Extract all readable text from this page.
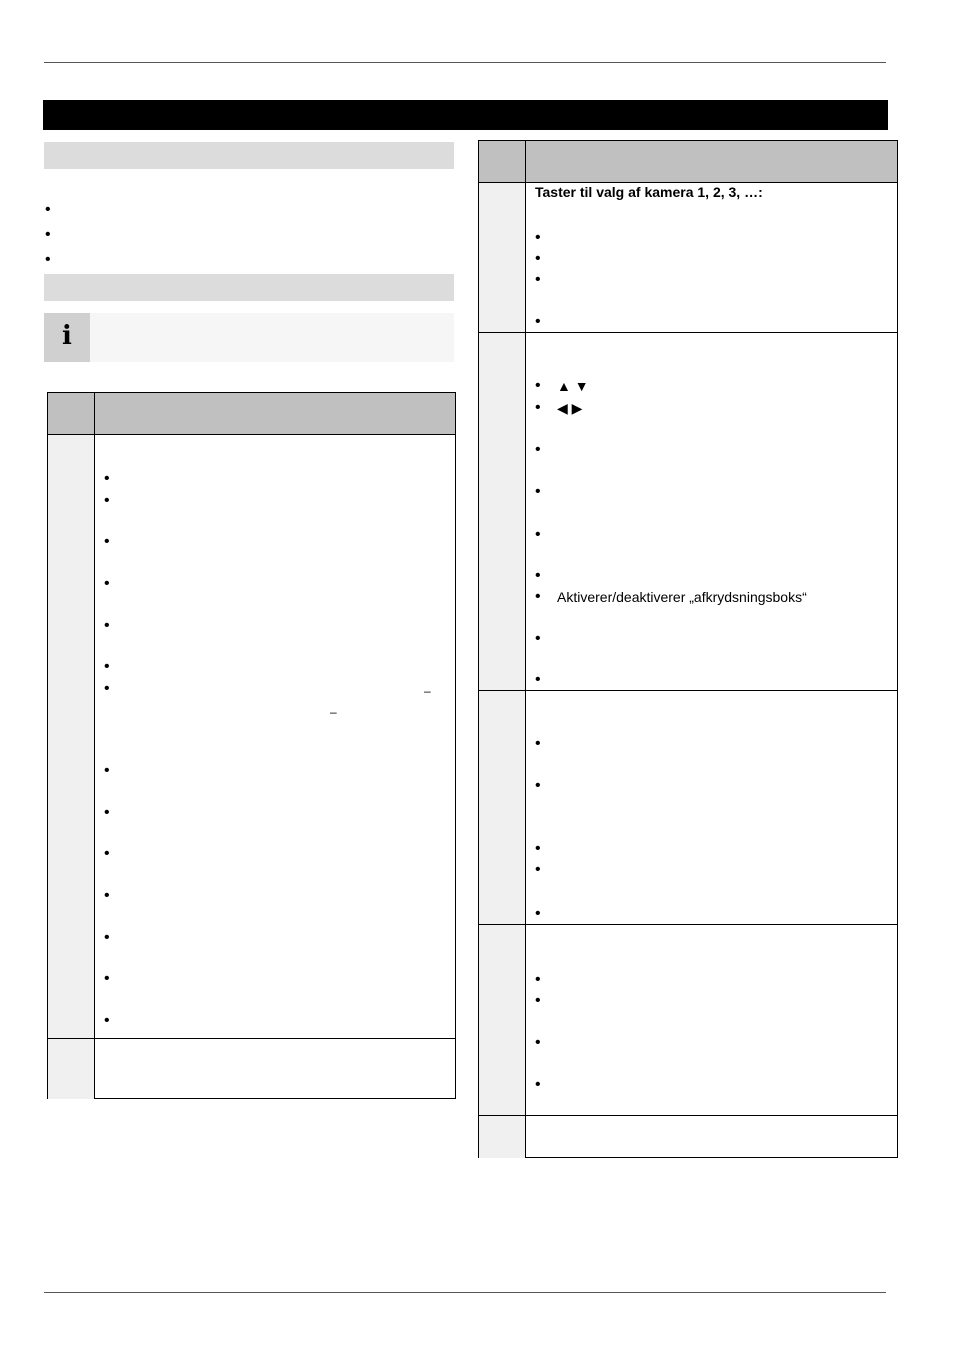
•
•
•
i
•
•
•
•
•
•
•	–
–
•
•
•
•
•
•
•
Taster til valg af kamera 1, 2, 3, …:
•
•
•
•
• ▲ ▼
• ◀ ▶
•
•
•
•
• Aktiverer/deaktiverer „afkrydsningsboks“
•
•
•
•
•
•
•
•
•
•
•
